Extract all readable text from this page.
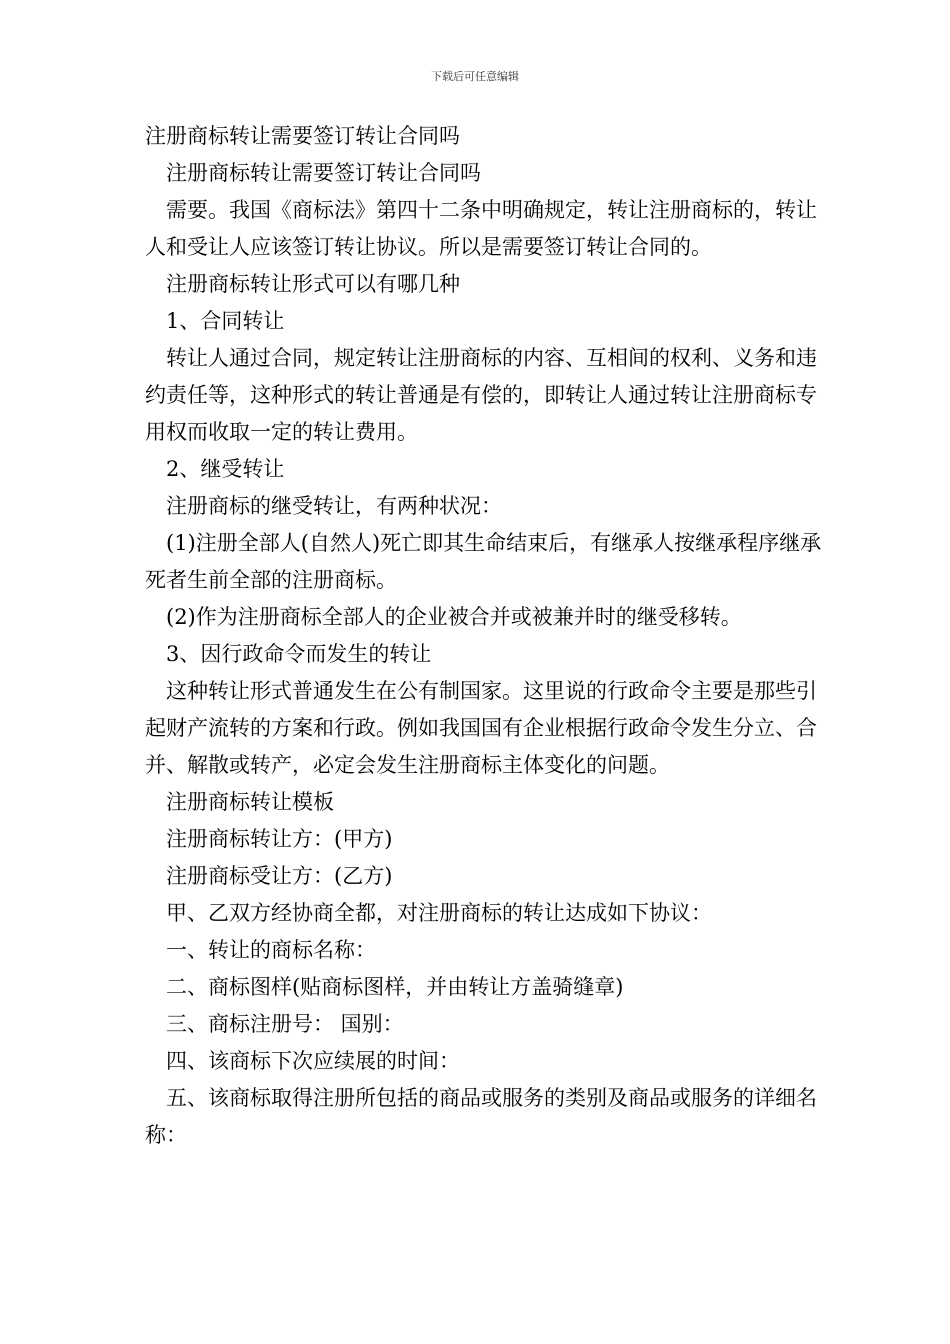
下载后可任意编辑

注册商标转让需要签订转让合同吗

注册商标转让需要签订转让合同吗

需要。我国《商标法》第四十二条中明确规定，转让注册商标的，转让人和受让人应该签订转让协议。所以是需要签订转让合同的。

注册商标转让形式可以有哪几种

1、合同转让

转让人通过合同，规定转让注册商标的内容、互相间的权利、义务和违约责任等，这种形式的转让普通是有偿的，即转让人通过转让注册商标专用权而收取一定的转让费用。

2、继受转让

注册商标的继受转让，有两种状况：

(1)注册全部人(自然人)死亡即其生命结束后，有继承人按继承程序继承死者生前全部的注册商标。

(2)作为注册商标全部人的企业被合并或被兼并时的继受移转。

3、因行政命令而发生的转让

这种转让形式普通发生在公有制国家。这里说的行政命令主要是那些引起财产流转的方案和行政。例如我国国有企业根据行政命令发生分立、合并、解散或转产，必定会发生注册商标主体变化的问题。

注册商标转让模板

注册商标转让方：(甲方)

注册商标受让方：(乙方)

甲、乙双方经协商全都，对注册商标的转让达成如下协议：

一、转让的商标名称：

二、商标图样(贴商标图样，并由转让方盖骑缝章)

三、商标注册号： 国别：

四、该商标下次应续展的时间：

五、该商标取得注册所包括的商品或服务的类别及商品或服务的详细名称：
